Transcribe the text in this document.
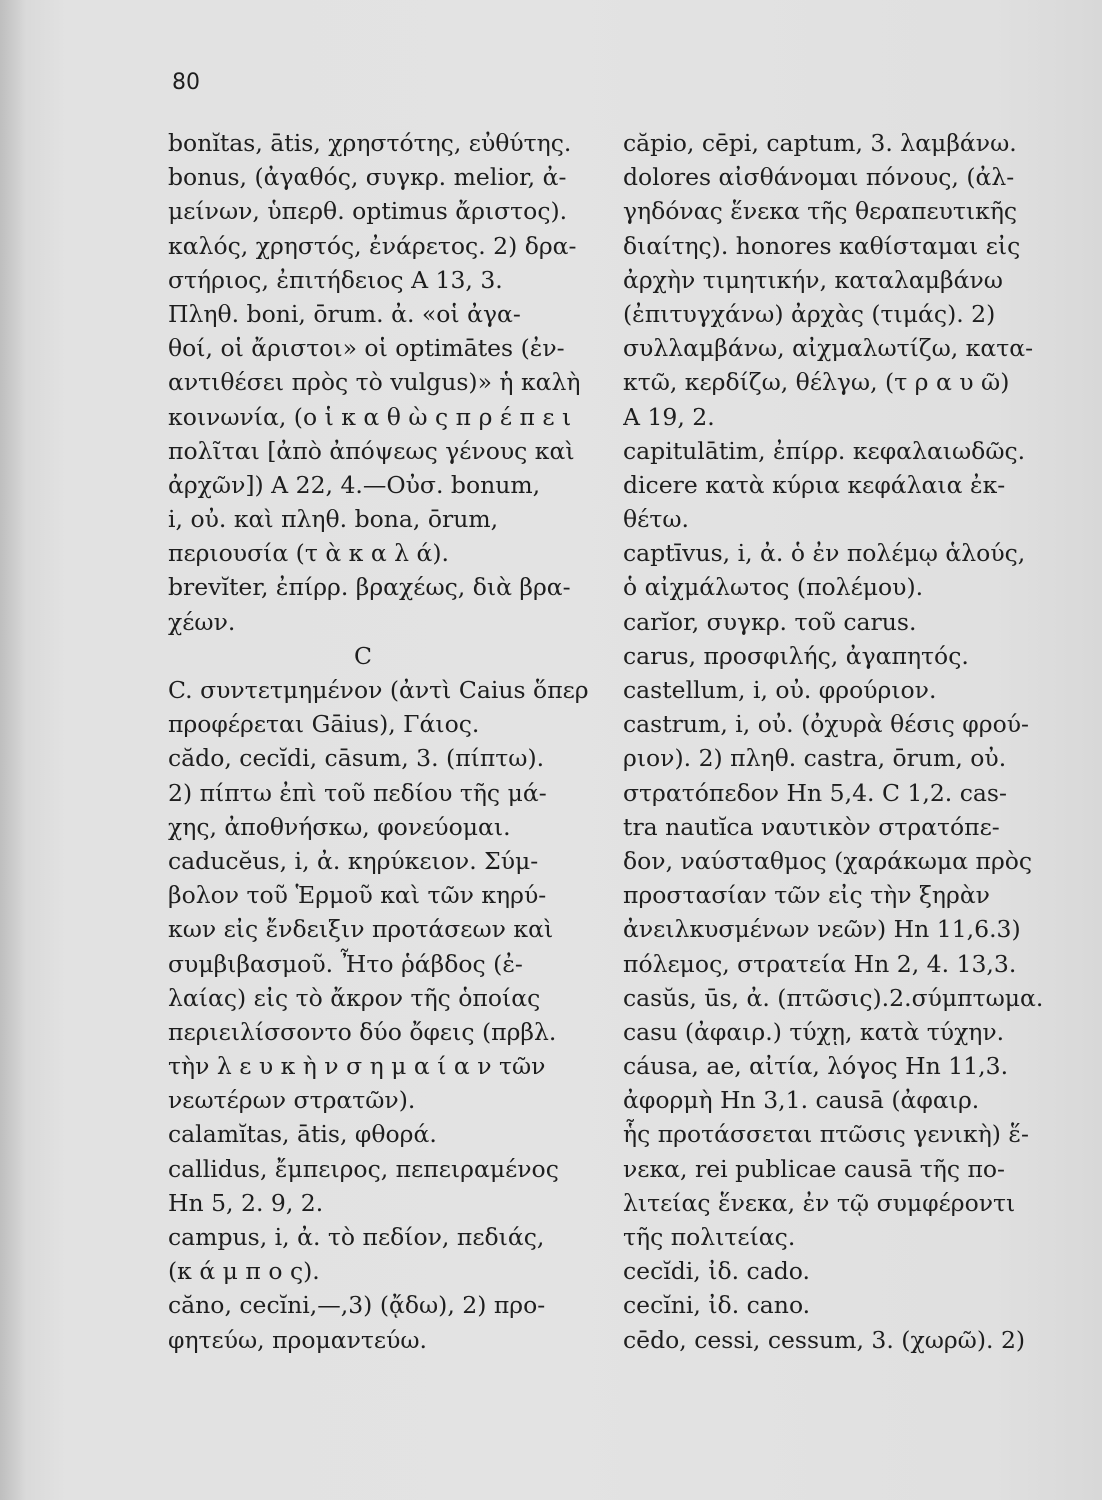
80
bonĭtas, ātis, χρηστότης, εὐθύτης.
bonus, (ἀγαθός, συγκρ. melior, ἀ-
μείνων, ὑπερθ. optimus ἄριστος).
καλός, χρηστός, ἐνάρετος. 2) δρα-
στήριος, ἐπιτήδειος Α 13, 3.
Πληθ. boni, ōrum. ἀ. «οἱ ἀγα-
θοί, οἱ ἄριστοι» οἱ optimātes (ἐν-
αντιθέσει πρὸς τὸ vulgus)» ἡ καλὴ
κοινωνία, (ο ἱ κ α θ ὼ ς π ρ έ π ε ι
πολῖται [ἀπὸ ἀπόψεως γένους καὶ
ἀρχῶν]) Α 22, 4.—Οὐσ. bonum,
i, οὐ. καὶ πληθ. bona, ōrum,
περιουσία (τ ὰ κ α λ ά).
brevĭter, ἐπίρρ. βραχέως, διὰ βρα-
χέων.
C
C. συντετμημένον (ἀντὶ Caius ὅπερ
προφέρεται Gāius), Γάιος.
cădo, cecĭdi, cāsum, 3. (πίπτω).
2) πίπτω ἐπὶ τοῦ πεδίου τῆς μά-
χης, ἀποθνήσκω, φονεύομαι.
caducĕus, i, ἀ. κηρύκειον. Σύμ-
βολον τοῦ Ἑρμοῦ καὶ τῶν κηρύ-
κων εἰς ἔνδειξιν προτάσεων καὶ
συμβιβασμοῦ. Ἦτο ῥάβδος (ἐ-
λαίας) εἰς τὸ ἄκρον τῆς ὁποίας
περιειλίσσοντο δύο ὄφεις (πρβλ.
τὴν λ ε υ κ ὴ ν σ η μ α ί α ν τῶν
νεωτέρων στρατῶν).
calamĭtas, ātis, φθορά.
callidus, ἔμπειρος, πεπειραμένος
Hn 5, 2. 9, 2.
campus, i, ἀ. τὸ πεδίον, πεδιάς,
(κ ά μ π ο ς).
căno, cecĭni,—,3) (ᾄδω), 2) προ-
φητεύω, προμαντεύω.
căpio, cēpi, captum, 3. λαμβάνω.
dolores αἰσθάνομαι πόνους, (ἀλ-
γηδόνας ἕνεκα τῆς θεραπευτικῆς
διαίτης). honores καθίσταμαι εἰς
ἀρχὴν τιμητικήν, καταλαμβάνω
(ἐπιτυγχάνω) ἀρχὰς (τιμάς). 2)
συλλαμβάνω, αἰχμαλωτίζω, κατα-
κτῶ, κερδίζω, θέλγω, (τ ρ α υ ῶ)
Α 19, 2.
capitulātim, ἐπίρρ. κεφαλαιωδῶς.
dicere κατὰ κύρια κεφάλαια ἐκ-
θέτω.
captīvus, i, ἀ. ὁ ἐν πολέμῳ ἁλούς,
ὁ αἰχμάλωτος (πολέμου).
carĭor, συγκρ. τοῦ carus.
carus, προσφιλής, ἀγαπητός.
castellum, i, οὐ. φρούριον.
castrum, i, οὐ. (ὀχυρὰ θέσις φρού-
ριον). 2) πληθ. castra, ōrum, οὐ.
στρατόπεδον Hn 5,4. C 1,2. cas-
tra nautĭca ναυτικὸν στρατόπε-
δον, ναύσταθμος (χαράκωμα πρὸς
προστασίαν τῶν εἰς τὴν ξηρὰν
ἀνειλκυσμένων νεῶν) Hn 11,6.3)
πόλεμος, στρατεία Hn 2, 4. 13,3.
casŭs, ūs, ἀ. (πτῶσις).2.σύμπτωμα.
casu (ἀφαιρ.) τύχῃ, κατὰ τύχην.
cáusa, ae, αἰτία, λόγος Hn 11,3.
ἀφορμὴ Hn 3,1. causā (ἀφαιρ.
ἧς προτάσσεται πτῶσις γενικὴ) ἕ-
νεκα, rei publicae causā τῆς πο-
λιτείας ἕνεκα, ἐν τῷ συμφέροντι
τῆς πολιτείας.
cecĭdi, ἰδ. cado.
cecĭni, ἰδ. cano.
cēdo, cessi, cessum, 3. (χωρῶ). 2)
